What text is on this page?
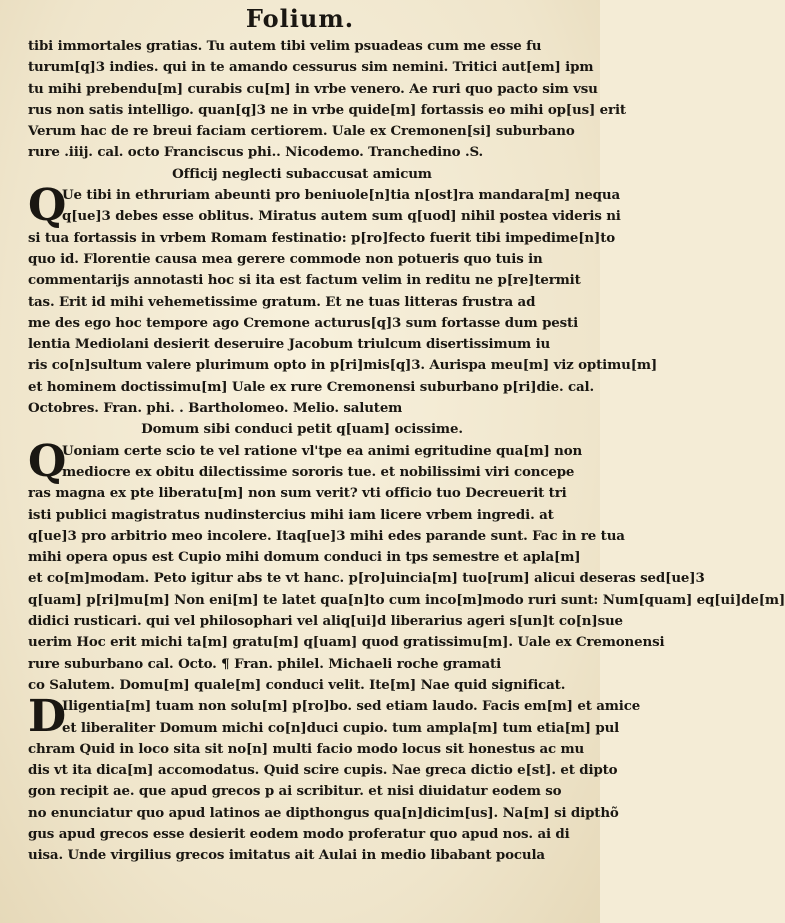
Folium.
tibi immortales gratias. Tu autem tibi velim psuadeas cum me esse fu
turum[q]3 indies. qui in te amando cessurus sim nemini. Tritici aut[em] ipm
tu mihi prebendu[m] curabis cu[m] in vrbe venero. Ae ruri quo pacto sim vsu
rus non satis intelligo. quan[q]3 ne in vrbe quide[m] fortassis eo mihi op[us] erit
Verum hac de re breui faciam certiorem. Uale ex Cremonen[si] suburbano
rure .iiij. cal. octo Franciscus phi.. Nicodemo. Tranchedino .S.
Officij neglecti subaccusat amicum
Q
Ue tibi in ethruriam abeunti pro beniuole[n]tia n[ost]ra mandara[m] nequa
q[ue]3 debes esse oblitus. Miratus autem sum q[uod] nihil postea videris ni
si tua fortassis in vrbem Romam festinatio: p[ro]fecto fuerit tibi impedime[n]to
quo id. Florentie causa mea gerere commode non potueris quo tuis in
commentarijs annotasti hoc si ita est factum velim in reditu ne p[re]termit
tas. Erit id mihi vehemetissime gratum. Et ne tuas litteras frustra ad
me des ego hoc tempore ago Cremone acturus[q]3 sum fortasse dum pesti
lentia Mediolani desierit deseruire Jacobum triulcum disertissimum iu
ris co[n]sultum valere plurimum opto in p[ri]mis[q]3. Aurispa meu[m] viz optimu[m]
et hominem doctissimu[m] Uale ex rure Cremonensi suburbano p[ri]die. cal.
Octobres. Fran. phi. . Bartholomeo. Melio. salutem
Domum sibi conduci petit q[uam] ocissime.
Q
Uoniam certe scio te vel ratione vl'tpe ea animi egritudine qua[m] non
mediocre ex obitu dilectissime sororis tue. et nobilissimi viri concepe
ras magna ex pte liberatu[m] non sum verit? vti officio tuo Decreuerit tri
isti publici magistratus nudinstercius mihi iam licere vrbem ingredi. at
q[ue]3 pro arbitrio meo incolere. Itaq[ue]3 mihi edes parande sunt. Fac in re tua
mihi opera opus est Cupio mihi domum conduci in tps semestre et apla[m]
et co[m]modam. Peto igitur abs te vt hanc. p[ro]uincia[m] tuo[rum] alicui deseras sed[ue]3
q[uam] p[ri]mu[m] Non eni[m] te latet qua[n]to cum inco[m]modo ruri sunt: Num[quam] eq[ui]de[m]
didici rusticari. qui vel philosophari vel aliq[ui]d liberarius ageri s[un]t co[n]sue
uerim Hoc erit michi ta[m] gratu[m] q[uam] quod gratissimu[m]. Uale ex Cremonensi
rure suburbano cal. Octo. ¶ Fran. philel. Michaeli roche gramati
co Salutem. Domu[m] quale[m] conduci velit. Ite[m] Nae quid significat.
D
Iligentia[m] tuam non solu[m] p[ro]bo. sed etiam laudo. Facis em[m] et amice
et liberaliter Domum michi co[n]duci cupio. tum ampla[m] tum etia[m] pul
chram Quid in loco sita sit no[n] multi facio modo locus sit honestus ac mu
dis vt ita dica[m] accomodatus. Quid scire cupis. Nae greca dictio e[st]. et dipto
gon recipit ae. que apud grecos p ai scribitur. et nisi diuidatur eodem so
no enunciatur quo apud latinos ae dipthongus qua[n]dicim[us]. Na[m] si dipthõ
gus apud grecos esse desierit eodem modo proferatur quo apud nos. ai di
uisa. Unde virgilius grecos imitatus ait Aulai in medio libabant pocula
